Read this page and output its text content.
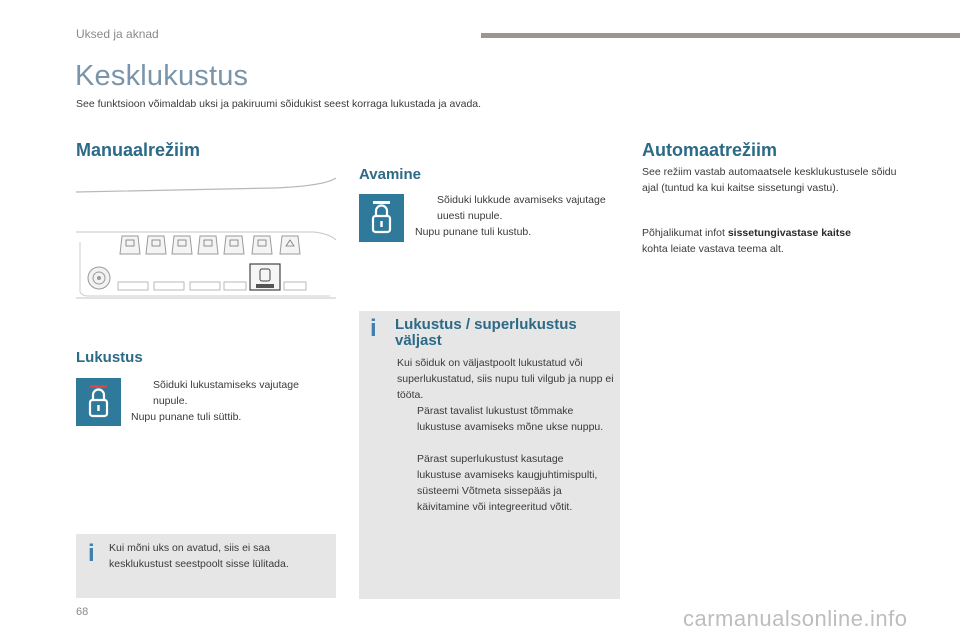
Uksed ja aknad
Kesklukustus
See funktsioon võimaldab uksi ja pakiruumi sõidukist seest korraga lukustada ja avada.
Manuaalrežiim
Lukustus
Sõiduki lukustamiseks vajutage nupule.
Nupu punane tuli süttib.
i Kui mõni uks on avatud, siis ei saa kesklukustust seestpoolt sisse lülitada.
Avamine
Sõiduki lukkude avamiseks vajutage uuesti nupule.
Nupu punane tuli kustub.
i Lukustus / superlukustus väljast
Kui sõiduk on väljastpoolt lukustatud või superlukustatud, siis nupu tuli vilgub ja nupp ei tööta.
Pärast tavalist lukustust tõmmake lukustuse avamiseks mõne ukse nuppu.
Pärast superlukustust kasutage lukustuse avamiseks kaugjuhtimispulti, süsteemi Võtmeta sissepääs ja käivitamine või integreeritud võtit.
Automaatrežiim
See režiim vastab automaatsele kesklukustusele sõidu ajal (tuntud ka kui kaitse sissetungi vastu).
Põhjalikumat infot sissetungivastase kaitse
kohta leiate vastava teema alt.
68	carmanualsonline.info
